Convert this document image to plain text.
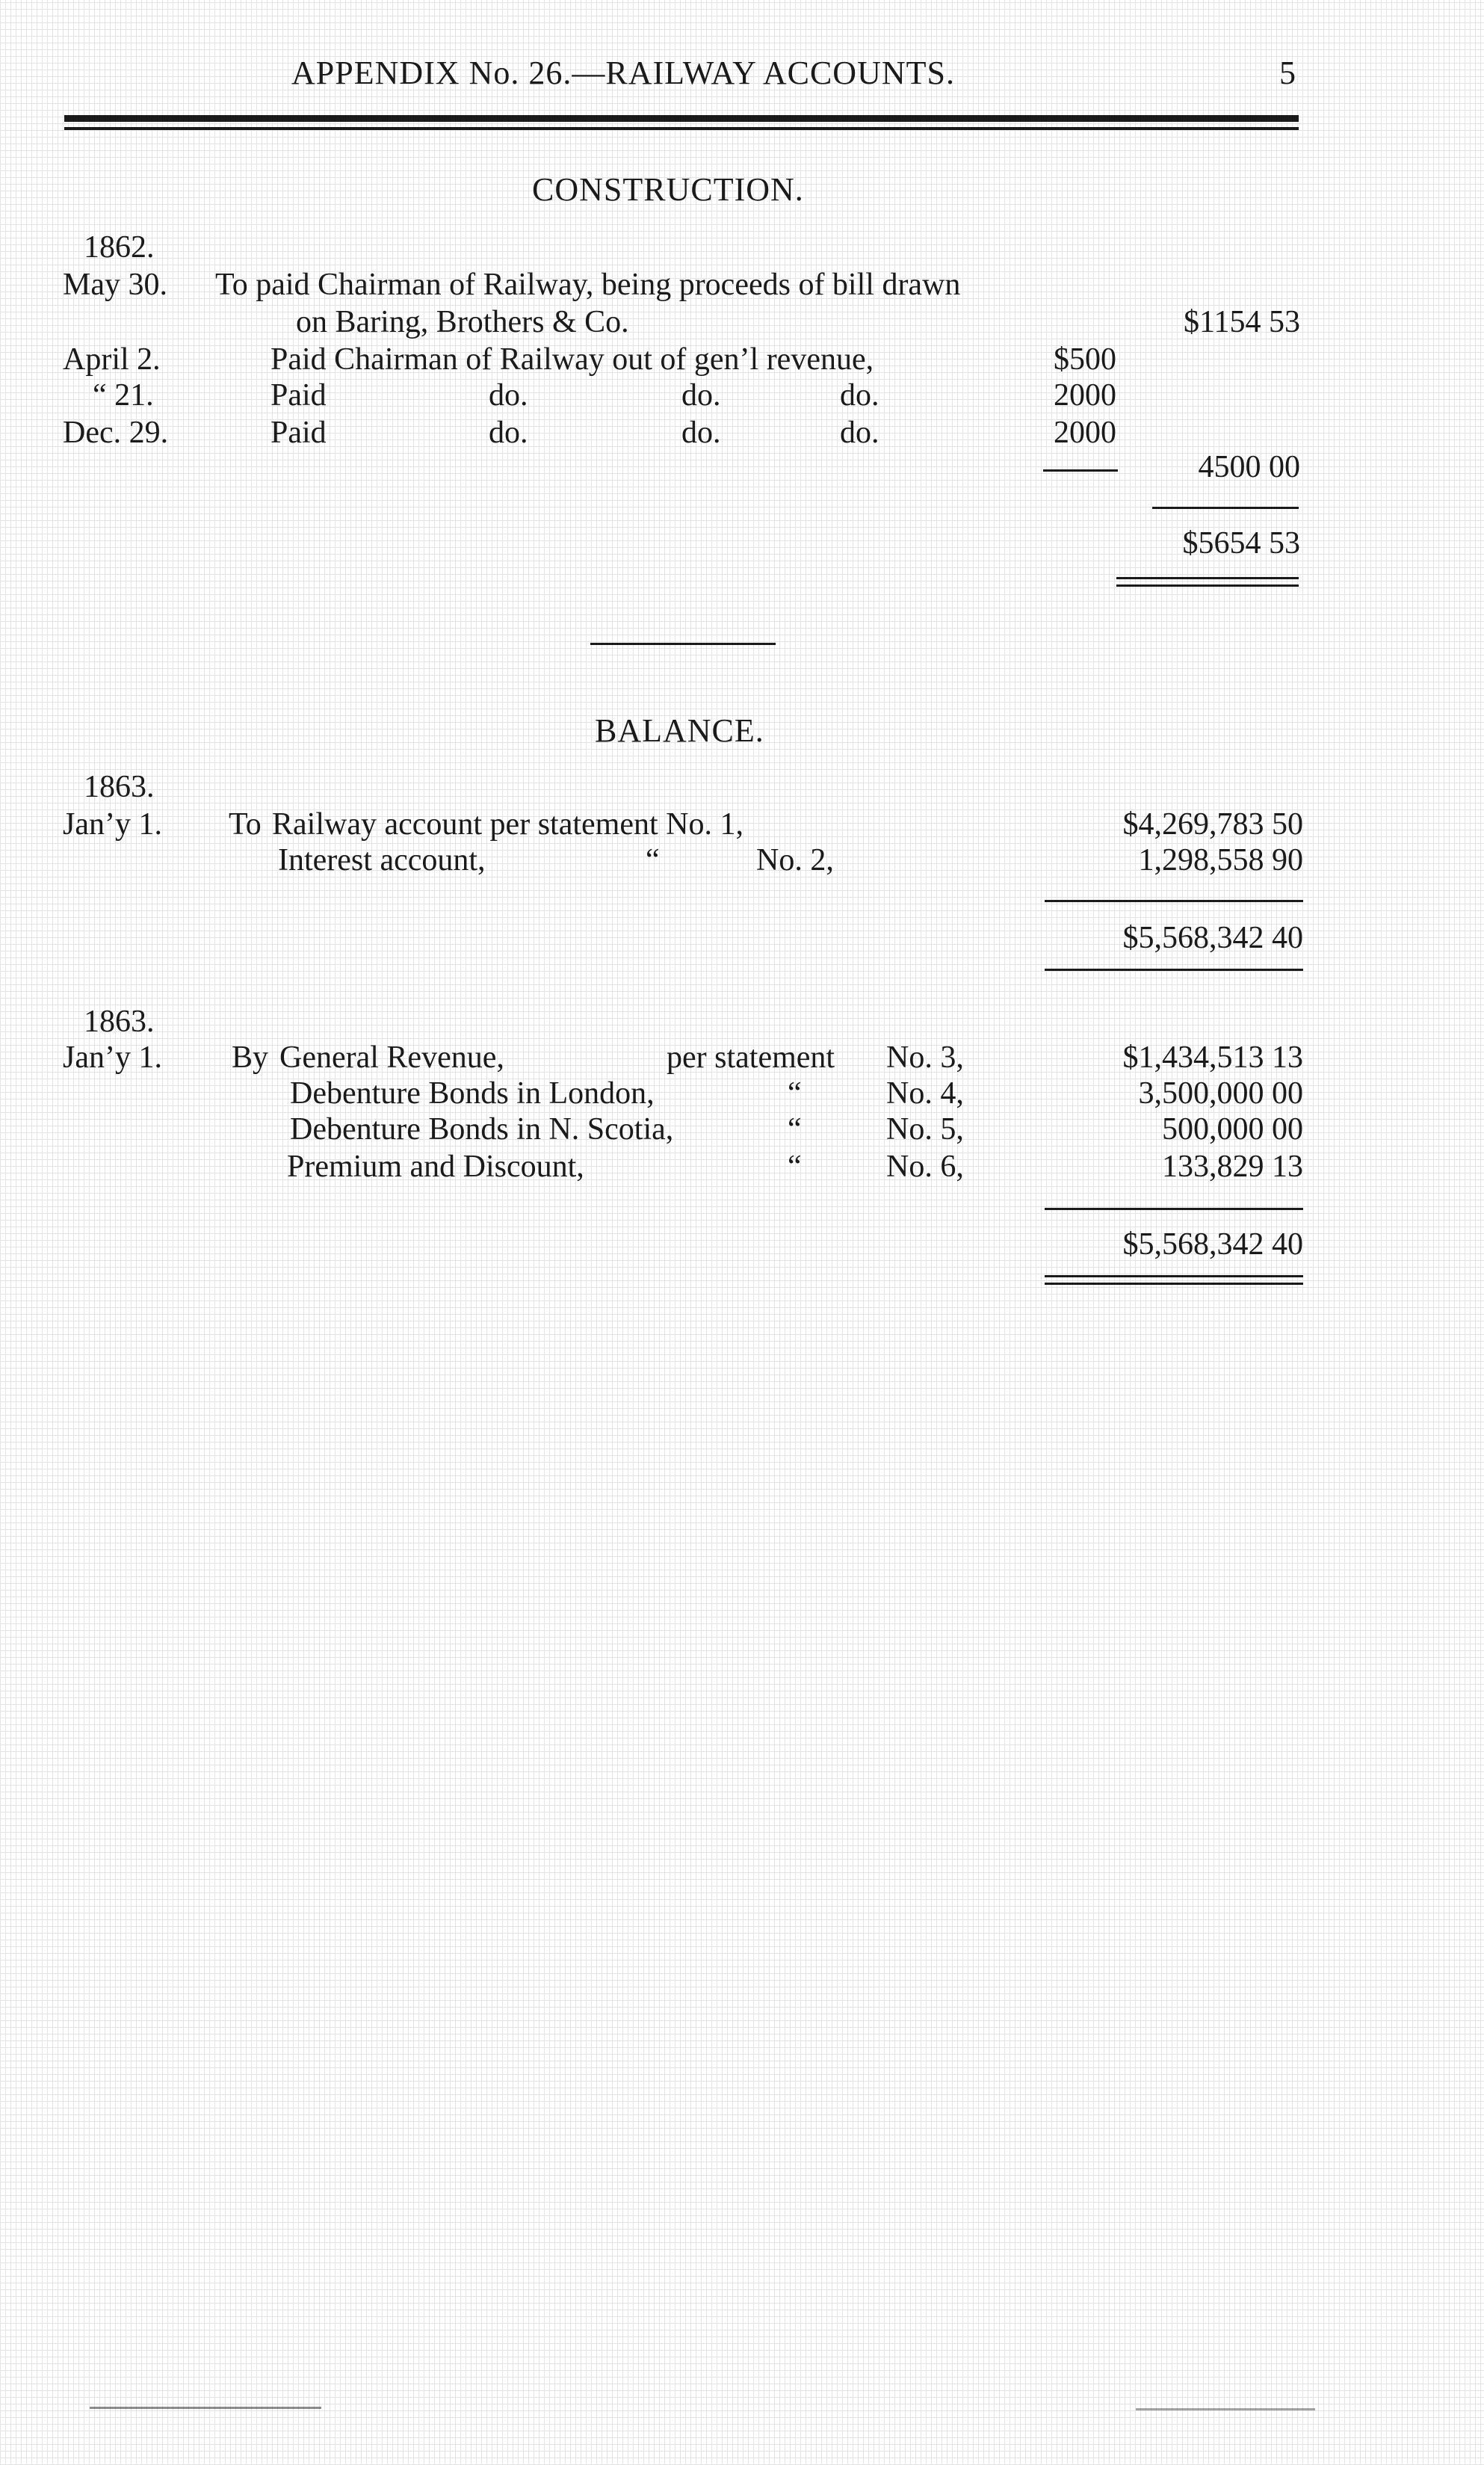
APPENDIX No. 26.—RAILWAY ACCOUNTS.	5
CONSTRUCTION.
1862.
May 30. To paid Chairman of Railway, being proceeds of bill drawn
on Baring, Brothers & Co.	$1154 53
April 2.	Paid Chairman of Railway out of gen’l revenue,	$500
“ 21.	Paid	do.	do.	do.	2000
Dec. 29.	Paid	do.	do.	do.	2000
4500 00
$5654 53
BALANCE.
1863.
Jan’y 1. To Railway account per statement No. 1,	$4,269,783 50
Interest account,	“	No. 2,	1,298,558 90
$5,568,342 40
1863.
Jan’y 1. By General Revenue,	per statement No. 3,	$1,434,513 13
Debenture Bonds in London,	“	No. 4,	3,500,000 00
Debenture Bonds in N. Scotia,	“	No. 5,	500,000 00
Premium and Discount,	“	No. 6,	133,829 13
$5,568,342 40
